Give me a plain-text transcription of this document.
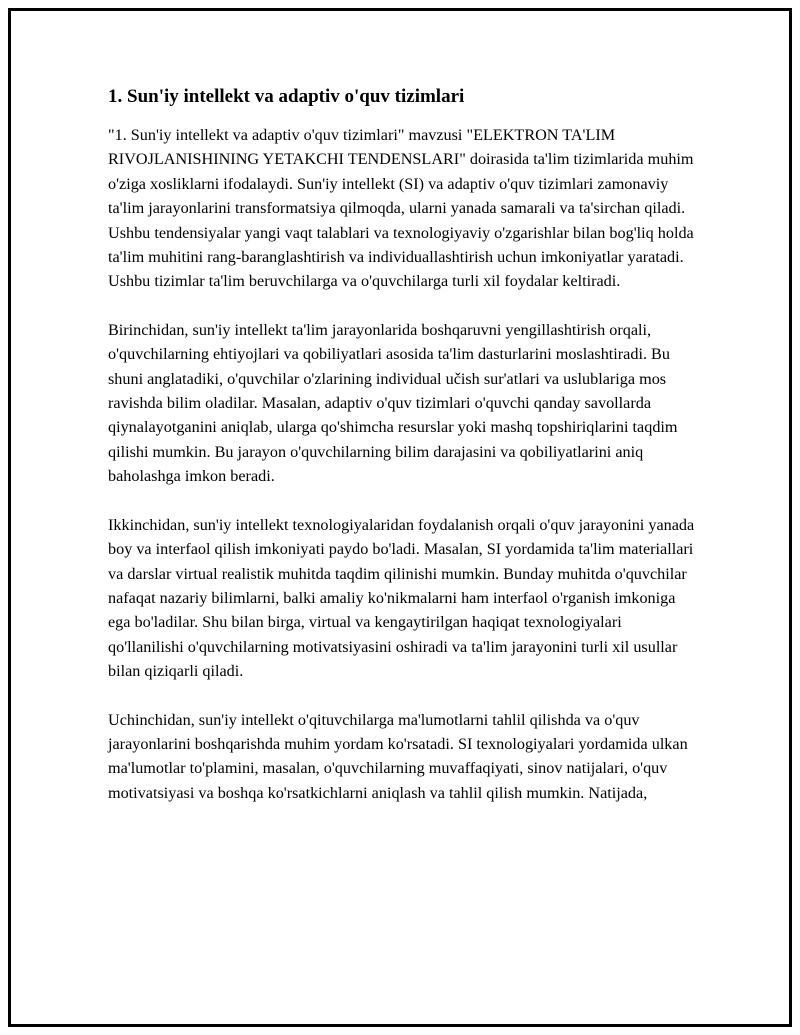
1. Sun'iy intellekt va adaptiv o'quv tizimlari

"1. Sun'iy intellekt va adaptiv o'quv tizimlari" mavzusi "ELEKTRON TA'LIM RIVOJLANISHINING YETAKCHI TENDENSLARI" doirasida ta'lim tizimlarida muhim o'ziga xosliklarni ifodalaydi. Sun'iy intellekt (SI) va adaptiv o'quv tizimlari zamonaviy ta'lim jarayonlarini transformatsiya qilmoqda, ularni yanada samarali va ta'sirchan qiladi. Ushbu tendensiyalar yangi vaqt talablari va texnologiyaviy o'zgarishlar bilan bog'liq holda ta'lim muhitini rang-baranglashtirish va individuallashtirish uchun imkoniyatlar yaratadi. Ushbu tizimlar ta'lim beruvchilarga va o'quvchilarga turli xil foydalar keltiradi.

Birinchidan, sun'iy intellekt ta'lim jarayonlarida boshqaruvni yengillashtirish orqali, o'quvchilarning ehtiyojlari va qobiliyatlari asosida ta'lim dasturlarini moslashtiradi. Bu shuni anglatadiki, o'quvchilar o'zlarining individual učish sur'atlari va uslublariga mos ravishda bilim oladilar. Masalan, adaptiv o'quv tizimlari o'quvchi qanday savollarda qiynalayotganini aniqlab, ularga qo'shimcha resurslar yoki mashq topshiriqlarini taqdim qilishi mumkin. Bu jarayon o'quvchilarning bilim darajasini va qobiliyatlarini aniq baholashga imkon beradi.

Ikkinchidan, sun'iy intellekt texnologiyalaridan foydalanish orqali o'quv jarayonini yanada boy va interfaol qilish imkoniyati paydo bo'ladi. Masalan, SI yordamida ta'lim materiallari va darslar virtual realistik muhitda taqdim qilinishi mumkin. Bunday muhitda o'quvchilar nafaqat nazariy bilimlarni, balki amaliy ko'nikmalarni ham interfaol o'rganish imkoniga ega bo'ladilar. Shu bilan birga, virtual va kengaytirilgan haqiqat texnologiyalari qo'llanilishi o'quvchilarning motivatsiyasini oshiradi va ta'lim jarayonini turli xil usullar bilan qiziqarli qiladi.

Uchinchidan, sun'iy intellekt o'qituvchilarga ma'lumotlarni tahlil qilishda va o'quv jarayonlarini boshqarishda muhim yordam ko'rsatadi. SI texnologiyalari yordamida ulkan ma'lumotlar to'plamini, masalan, o'quvchilarning muvaffaqiyati, sinov natijalari, o'quv motivatsiyasi va boshqa ko'rsatkichlarni aniqlash va tahlil qilish mumkin. Natijada,
